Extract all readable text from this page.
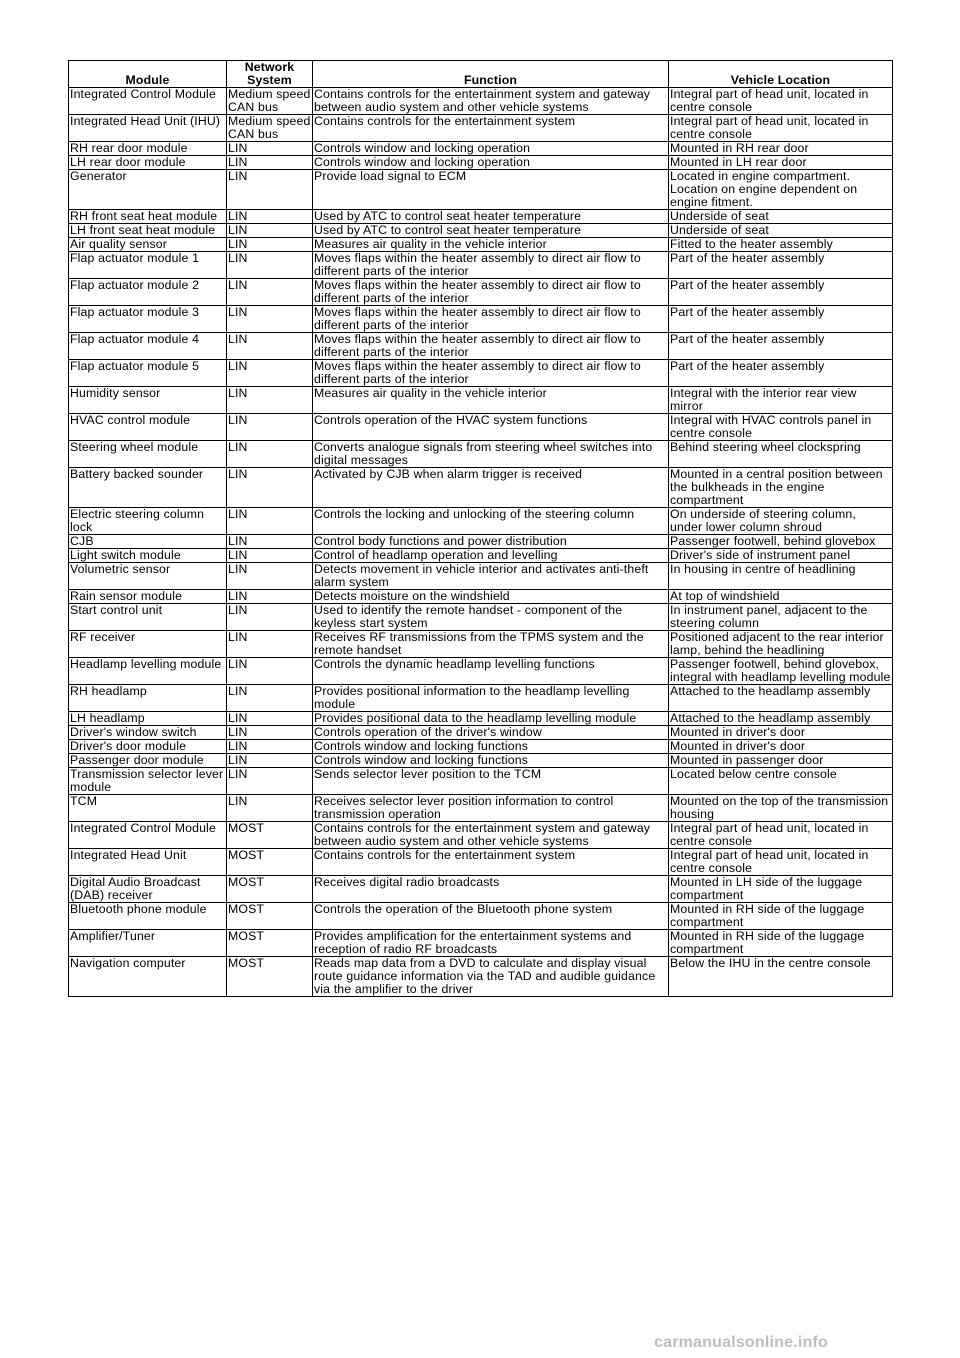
Module	Network System	Function	Vehicle Location
Integrated Control Module	Medium speed CAN bus	Contains controls for the entertainment system and gateway between audio system and other vehicle systems	Integral part of head unit, located in centre console
Integrated Head Unit (IHU)	Medium speed CAN bus	Contains controls for the entertainment system	Integral part of head unit, located in centre console
RH rear door module	LIN	Controls window and locking operation	Mounted in RH rear door
LH rear door module	LIN	Controls window and locking operation	Mounted in LH rear door
Generator	LIN	Provide load signal to ECM	Located in engine compartment. Location on engine dependent on engine fitment.
RH front seat heat module	LIN	Used by ATC to control seat heater temperature	Underside of seat
LH front seat heat module	LIN	Used by ATC to control seat heater temperature	Underside of seat
Air quality sensor	LIN	Measures air quality in the vehicle interior	Fitted to the heater assembly
Flap actuator module 1	LIN	Moves flaps within the heater assembly to direct air flow to different parts of the interior	Part of the heater assembly
Flap actuator module 2	LIN	Moves flaps within the heater assembly to direct air flow to different parts of the interior	Part of the heater assembly
Flap actuator module 3	LIN	Moves flaps within the heater assembly to direct air flow to different parts of the interior	Part of the heater assembly
Flap actuator module 4	LIN	Moves flaps within the heater assembly to direct air flow to different parts of the interior	Part of the heater assembly
Flap actuator module 5	LIN	Moves flaps within the heater assembly to direct air flow to different parts of the interior	Part of the heater assembly
Humidity sensor	LIN	Measures air quality in the vehicle interior	Integral with the interior rear view mirror
HVAC control module	LIN	Controls operation of the HVAC system functions	Integral with HVAC controls panel in centre console
Steering wheel module	LIN	Converts analogue signals from steering wheel switches into digital messages	Behind steering wheel clockspring
Battery backed sounder	LIN	Activated by CJB when alarm trigger is received	Mounted in a central position between the bulkheads in the engine compartment
Electric steering column lock	LIN	Controls the locking and unlocking of the steering column	On underside of steering column, under lower column shroud
CJB	LIN	Control body functions and power distribution	Passenger footwell, behind glovebox
Light switch module	LIN	Control of headlamp operation and levelling	Driver's side of instrument panel
Volumetric sensor	LIN	Detects movement in vehicle interior and activates anti-theft alarm system	In housing in centre of headlining
Rain sensor module	LIN	Detects moisture on the windshield	At top of windshield
Start control unit	LIN	Used to identify the remote handset - component of the keyless start system	In instrument panel, adjacent to the steering column
RF receiver	LIN	Receives RF transmissions from the TPMS system and the remote handset	Positioned adjacent to the rear interior lamp, behind the headlining
Headlamp levelling module	LIN	Controls the dynamic headlamp levelling functions	Passenger footwell, behind glovebox, integral with headlamp levelling module
RH headlamp	LIN	Provides positional information to the headlamp levelling module	Attached to the headlamp assembly
LH headlamp	LIN	Provides positional data to the headlamp levelling module	Attached to the headlamp assembly
Driver's window switch	LIN	Controls operation of the driver's window	Mounted in driver's door
Driver's door module	LIN	Controls window and locking functions	Mounted in driver's door
Passenger door module	LIN	Controls window and locking functions	Mounted in passenger door
Transmission selector lever module	LIN	Sends selector lever position to the TCM	Located below centre console
TCM	LIN	Receives selector lever position information to control transmission operation	Mounted on the top of the transmission housing
Integrated Control Module	MOST	Contains controls for the entertainment system and gateway between audio system and other vehicle systems	Integral part of head unit, located in centre console
Integrated Head Unit	MOST	Contains controls for the entertainment system	Integral part of head unit, located in centre console
Digital Audio Broadcast (DAB) receiver	MOST	Receives digital radio broadcasts	Mounted in LH side of the luggage compartment
Bluetooth phone module	MOST	Controls the operation of the Bluetooth phone system	Mounted in RH side of the luggage compartment
Amplifier/Tuner	MOST	Provides amplification for the entertainment systems and reception of radio RF broadcasts	Mounted in RH side of the luggage compartment
Navigation computer	MOST	Reads map data from a DVD to calculate and display visual route guidance information via the TAD and audible guidance via the amplifier to the driver	Below the IHU in the centre console
carmanualsonline.info
